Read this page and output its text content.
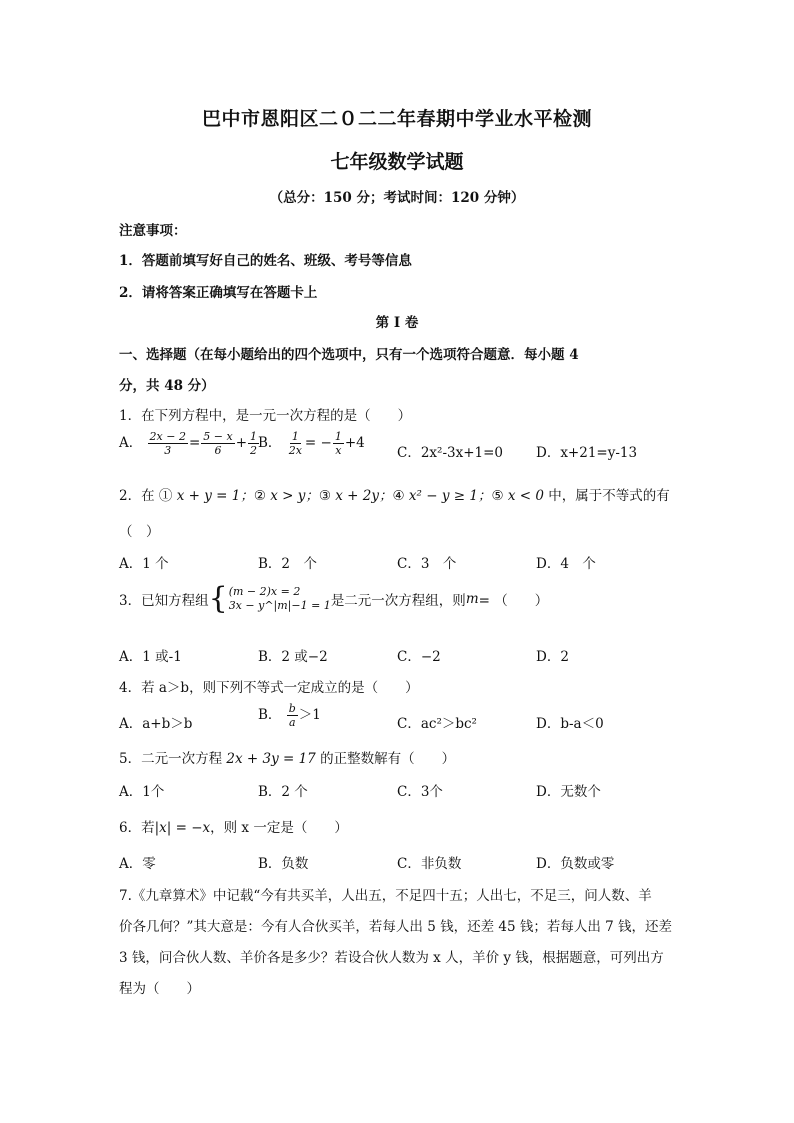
巴中市恩阳区二０二二年春期中学业水平检测
七年级数学试题
（总分：150 分；考试时间：120 分钟）
注意事项：
1．答题前填写好自己的姓名、班级、考号等信息
2．请将答案正确填写在答题卡上
第 I 卷
一、选择题（在每小题给出的四个选项中，只有一个选项符合题意．每小题 4
分，共 48 分）
1．在下列方程中，是一元一次方程的是（　　）
A． $\frac{2x - 2}{3} = \frac{5 - x}{6} + \frac{1}{2}$
B． $\frac{1}{2x}$ = − $\frac{1}{x} +4$
C．2x²-3x+1=0 D．x+21=y-13
2．在 ① x + y = 1；② x > y；③ x + 2y；④ x² − y ≥ 1；⑤ x < 0 中，属于不等式的有
（　）
A．1 个	B．2　个	C．3　个	D．4　个
3．已知方程组 { (m − 2)x = 2
3x − y^|m|−1 = 1 是二元一次方程组，则 m = （　　）
A．1 或-1	B．2 或−2	C．−2	D．2
4．若 a＞b，则下列不等式一定成立的是（　　）
A．a+b＞b
B． $\frac{b}{a} >1$
C．ac²＞bc²	D．b-a＜0
5．二元一次方程 2x + 3y = 17 的正整数解有（　　）
A．1个	B．2 个	C．3个	D．无数个
6．若|x| = −x，则 x 一定是（　　）
A．零	B．负数	C．非负数	D．负数或零
7.《九章算术》中记载“今有共买羊，人出五，不足四十五；人出七，不足三，问人数、羊
价各几何？”其大意是：今有人合伙买羊，若每人出 5 钱，还差 45 钱；若每人出 7 钱，还差
3 钱，问合伙人数、羊价各是多少？若设合伙人数为 x 人，羊价 y 钱，根据题意，可列出方
程为（　　）
